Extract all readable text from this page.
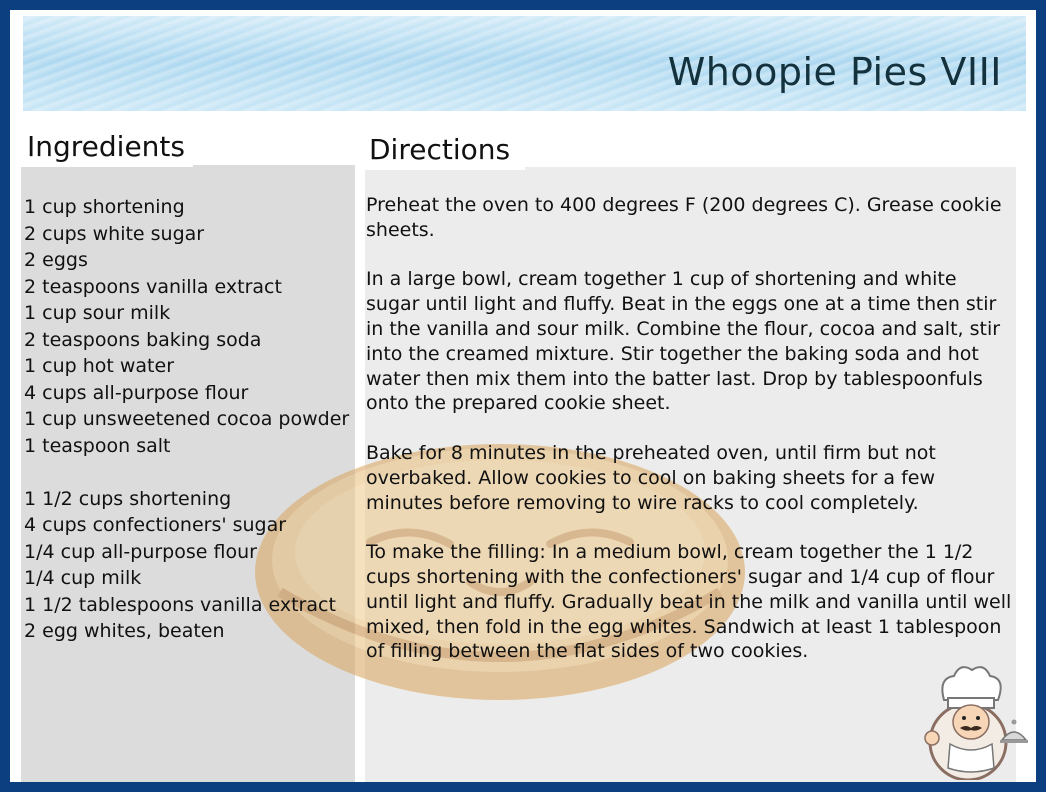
Whoopie Pies VIII
Ingredients	Directions
1 cup shortening
2 cups white sugar
2 eggs
2 teaspoons vanilla extract
1 cup sour milk
2 teaspoons baking soda
1 cup hot water
4 cups all-purpose flour
1 cup unsweetened cocoa powder
1 teaspoon salt
1 1/2 cups shortening
4 cups confectioners' sugar
1/4 cup all-purpose flour
1/4 cup milk
1 1/2 tablespoons vanilla extract
2 egg whites, beaten

Preheat the oven to 400 degrees F (200 degrees C). Grease cookie sheets.

In a large bowl, cream together 1 cup of shortening and white sugar until light and fluffy. Beat in the eggs one at a time then stir in the vanilla and sour milk. Combine the flour, cocoa and salt, stir into the creamed mixture. Stir together the baking soda and hot water then mix them into the batter last. Drop by tablespoonfuls onto the prepared cookie sheet.

Bake for 8 minutes in the preheated oven, until firm but not overbaked. Allow cookies to cool on baking sheets for a few minutes before removing to wire racks to cool completely.

To make the filling: In a medium bowl, cream together the 1 1/2 cups shortening with the confectioners' sugar and 1/4 cup of flour until light and fluffy. Gradually beat in the milk and vanilla until well mixed, then fold in the egg whites. Sandwich at least 1 tablespoon of filling between the flat sides of two cookies.
